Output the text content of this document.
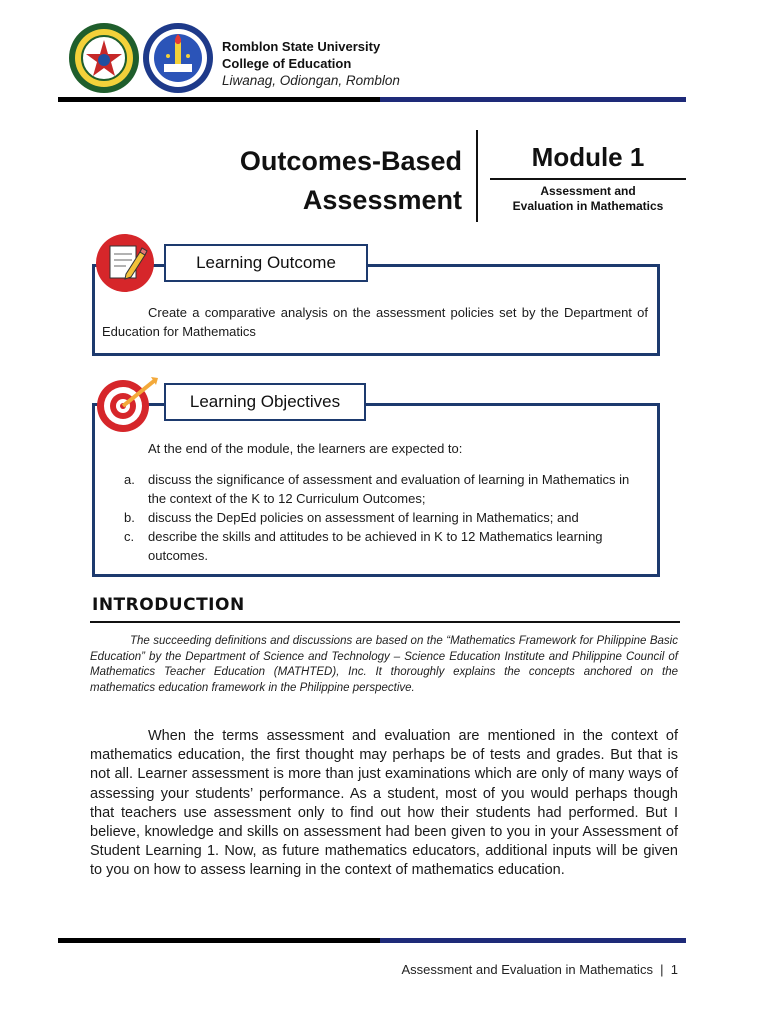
Romblon State University
College of Education
Liwanag, Odiongan, Romblon
Outcomes-Based
Assessment
Module 1
Assessment and
Evaluation in Mathematics
Learning Outcome
Create a comparative analysis on the assessment policies set by the Department of Education for Mathematics
Learning Objectives
At the end of the module, the learners are expected to:
a. discuss the significance of assessment and evaluation of learning in Mathematics in the context of the K to 12 Curriculum Outcomes;
b. discuss the DepEd policies on assessment of learning in Mathematics; and
c. describe the skills and attitudes to be achieved in K to 12 Mathematics learning outcomes.
INTRODUCTION

The succeeding definitions and discussions are based on the “Mathematics Framework for Philippine Basic Education” by the Department of Science and Technology – Science Education Institute and Philippine Council of Mathematics Teacher Education (MATHTED), Inc. It thoroughly explains the concepts anchored on the mathematics education framework in the Philippine perspective.

When the terms assessment and evaluation are mentioned in the context of mathematics education, the first thought may perhaps be of tests and grades. But that is not all. Learner assessment is more than just examinations which are only of many ways of assessing your students’ performance. As a student, most of you would perhaps though that teachers use assessment only to find out how their students had performed. But I believe, knowledge and skills on assessment had been given to you in your Assessment of Student Learning 1. Now, as future mathematics educators, additional inputs will be given to you on how to assess learning in the context of mathematics education.

Assessment and Evaluation in Mathematics  |  1
